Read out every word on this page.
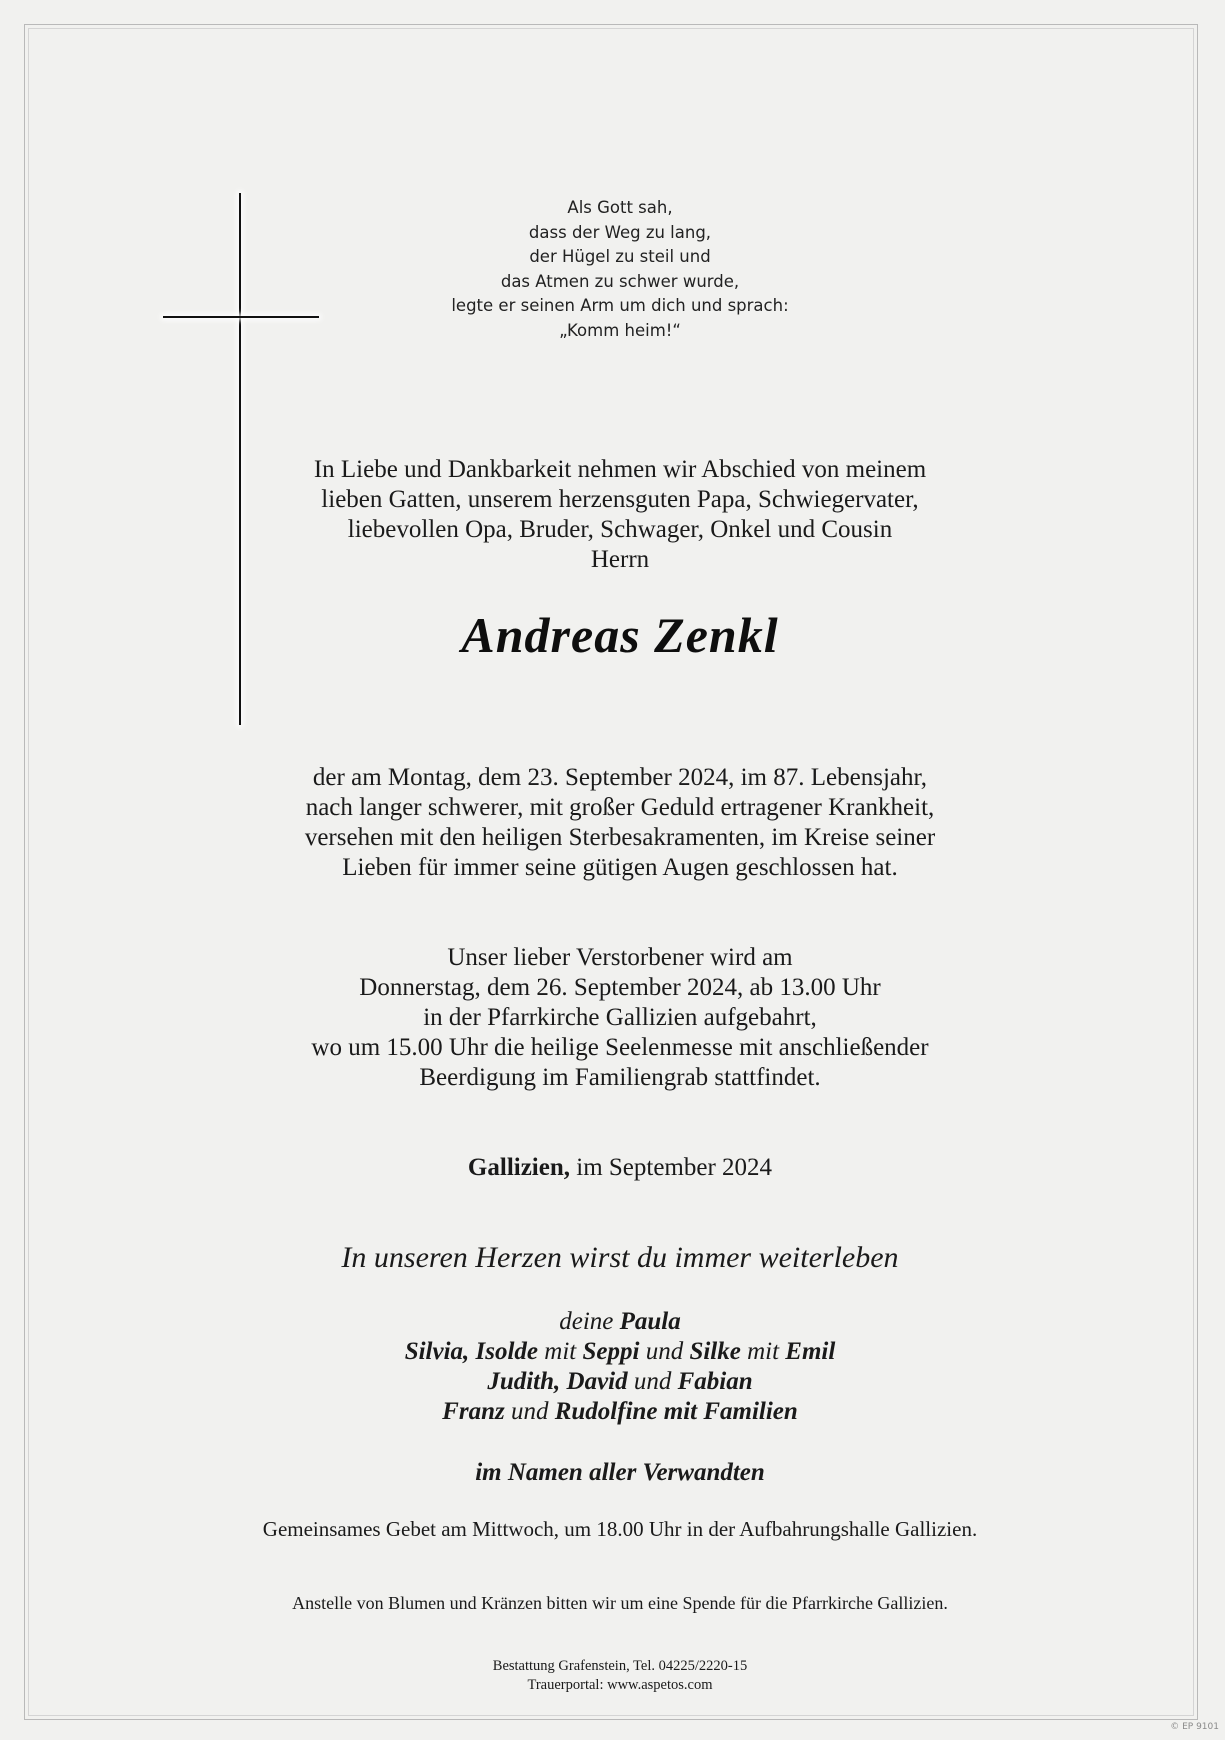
Als Gott sah,
dass der Weg zu lang,
der Hügel zu steil und
das Atmen zu schwer wurde,
legte er seinen Arm um dich und sprach:
„Komm heim!“
In Liebe und Dankbarkeit nehmen wir Abschied von meinem
lieben Gatten, unserem herzensguten Papa, Schwiegervater,
liebevollen Opa, Bruder, Schwager, Onkel und Cousin
Herrn
Andreas Zenkl
der am Montag, dem 23. September 2024, im 87. Lebensjahr,
nach langer schwerer, mit großer Geduld ertragener Krankheit,
versehen mit den heiligen Sterbesakramenten, im Kreise seiner
Lieben für immer seine gütigen Augen geschlossen hat.
Unser lieber Verstorbener wird am
Donnerstag, dem 26. September 2024, ab 13.00 Uhr
in der Pfarrkirche Gallizien aufgebahrt,
wo um 15.00 Uhr die heilige Seelenmesse mit anschließender
Beerdigung im Familiengrab stattfindet.
Gallizien, im September 2024
In unseren Herzen wirst du immer weiterleben
deine Paula
Silvia, Isolde mit Seppi und Silke mit Emil
Judith, David und Fabian
Franz und Rudolfine mit Familien
im Namen aller Verwandten
Gemeinsames Gebet am Mittwoch, um 18.00 Uhr in der Aufbahrungshalle Gallizien.
Anstelle von Blumen und Kränzen bitten wir um eine Spende für die Pfarrkirche Gallizien.
Bestattung Grafenstein, Tel. 04225/2220-15
Trauerportal: www.aspetos.com
© EP 9101
